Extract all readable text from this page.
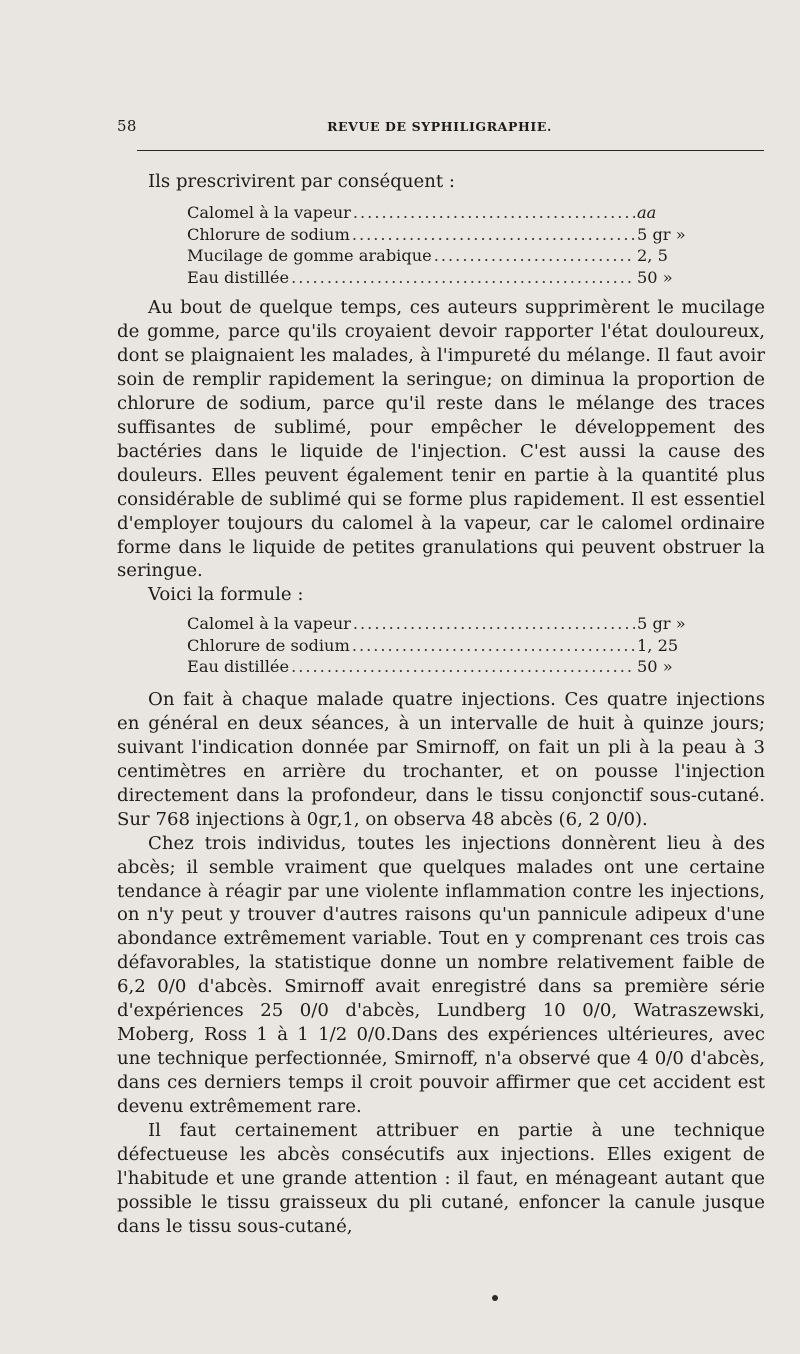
58	REVUE DE SYPHILIGRAPHIE.
Ils prescrivirent par conséquent :
Calomel à la vapeur .....	aa
Chlorure de sodium .....	5 gr »
Mucilage de gomme arabique .....	2, 5
Eau distillée .....	50 »

Au bout de quelque temps, ces auteurs supprimèrent le mucilage de gomme, parce qu'ils croyaient devoir rapporter l'état douloureux, dont se plaignaient les malades, à l'impureté du mélange. Il faut avoir soin de remplir rapidement la seringue; on diminua la proportion de chlorure de sodium, parce qu'il reste dans le mélange des traces suffisantes de sublimé, pour empêcher le développement des bactéries dans le liquide de l'injection. C'est aussi la cause des douleurs. Elles peuvent également tenir en partie à la quantité plus considérable de sublimé qui se forme plus rapidement. Il est essentiel d'employer toujours du calomel à la vapeur, car le calomel ordinaire forme dans le liquide de petites granulations qui peuvent obstruer la seringue.

Voici la formule :

Calomel à la vapeur .....	5 gr »
Chlorure de sodium .....	1, 25
Eau distillée .....	50 »

On fait à chaque malade quatre injections. Ces quatre injections en général en deux séances, à un intervalle de huit à quinze jours; suivant l'indication donnée par Smirnoff, on fait un pli à la peau à 3 centimètres en arrière du trochanter, et on pousse l'injection directement dans la profondeur, dans le tissu conjonctif sous-cutané. Sur 768 injections à 0gr,1, on observa 48 abcès (6, 2 0/0).

Chez trois individus, toutes les injections donnèrent lieu à des abcès; il semble vraiment que quelques malades ont une certaine tendance à réagir par une violente inflammation contre les injections, on n'y peut y trouver d'autres raisons qu'un pannicule adipeux d'une abondance extrêmement variable. Tout en y comprenant ces trois cas défavorables, la statistique donne un nombre relativement faible de 6,2 0/0 d'abcès. Smirnoff avait enregistré dans sa première série d'expériences 25 0/0 d'abcès, Lundberg 10 0/0, Watraszewski, Moberg, Ross 1 à 1 1/2 0/0.Dans des expériences ultérieures, avec une technique perfectionnée, Smirnoff, n'a observé que 4 0/0 d'abcès, dans ces derniers temps il croit pouvoir affirmer que cet accident est devenu extrêmement rare.

Il faut certainement attribuer en partie à une technique défectueuse les abcès consécutifs aux injections. Elles exigent de l'habitude et une grande attention : il faut, en ménageant autant que possible le tissu graisseux du pli cutané, enfoncer la canule jusque dans le tissu sous-cutané,
